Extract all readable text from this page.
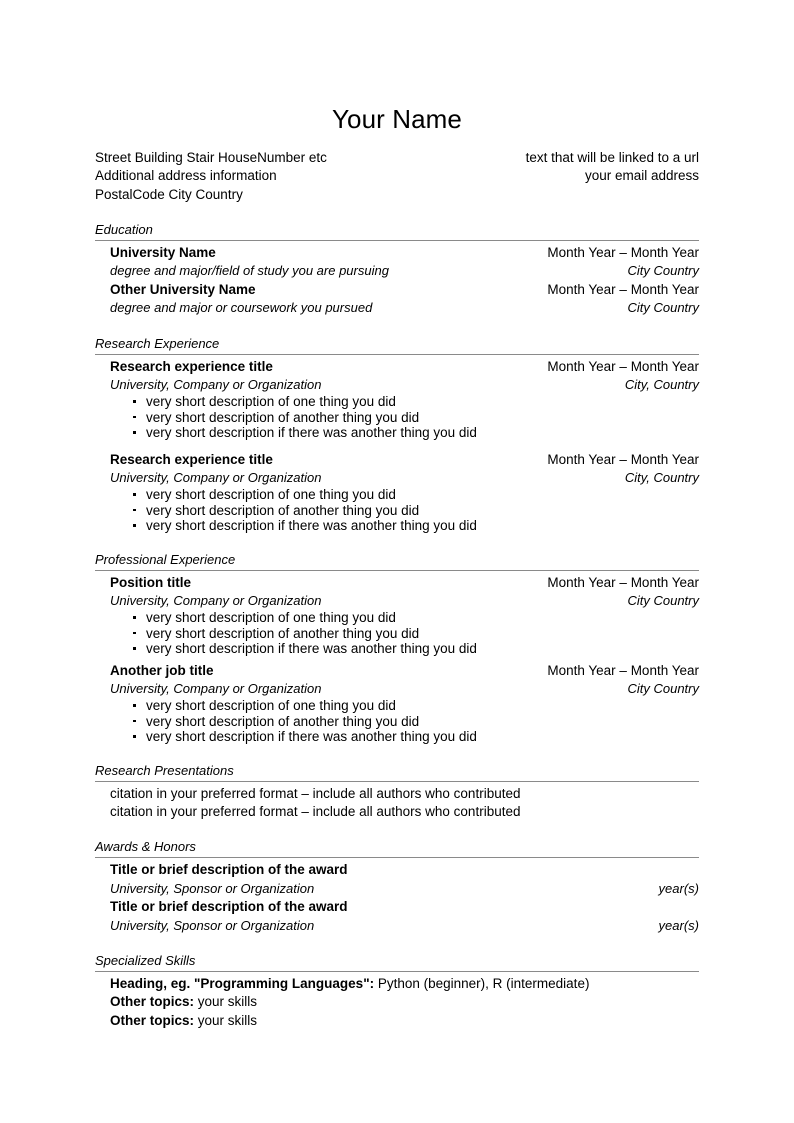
Your Name
Street Building Stair HouseNumber etc
Additional address information
PostalCode City Country
text that will be linked to a url
your email address
Education
University Name	Month Year – Month Year
degree and major/field of study you are pursuing	City Country
Other University Name	Month Year – Month Year
degree and major or coursework you pursued	City Country
Research Experience
Research experience title	Month Year – Month Year
University, Company or Organization	City, Country
very short description of one thing you did
very short description of another thing you did
very short description if there was another thing you did
Research experience title	Month Year – Month Year
University, Company or Organization	City, Country
very short description of one thing you did
very short description of another thing you did
very short description if there was another thing you did
Professional Experience
Position title	Month Year – Month Year
University, Company or Organization	City Country
very short description of one thing you did
very short description of another thing you did
very short description if there was another thing you did
Another job title	Month Year – Month Year
University, Company or Organization	City Country
very short description of one thing you did
very short description of another thing you did
very short description if there was another thing you did
Research Presentations
citation in your preferred format – include all authors who contributed
citation in your preferred format – include all authors who contributed
Awards & Honors
Title or brief description of the award
University, Sponsor or Organization	year(s)
Title or brief description of the award
University, Sponsor or Organization	year(s)
Specialized Skills
Heading, eg. "Programming Languages": Python (beginner), R (intermediate)
Other topics: your skills
Other topics: your skills
